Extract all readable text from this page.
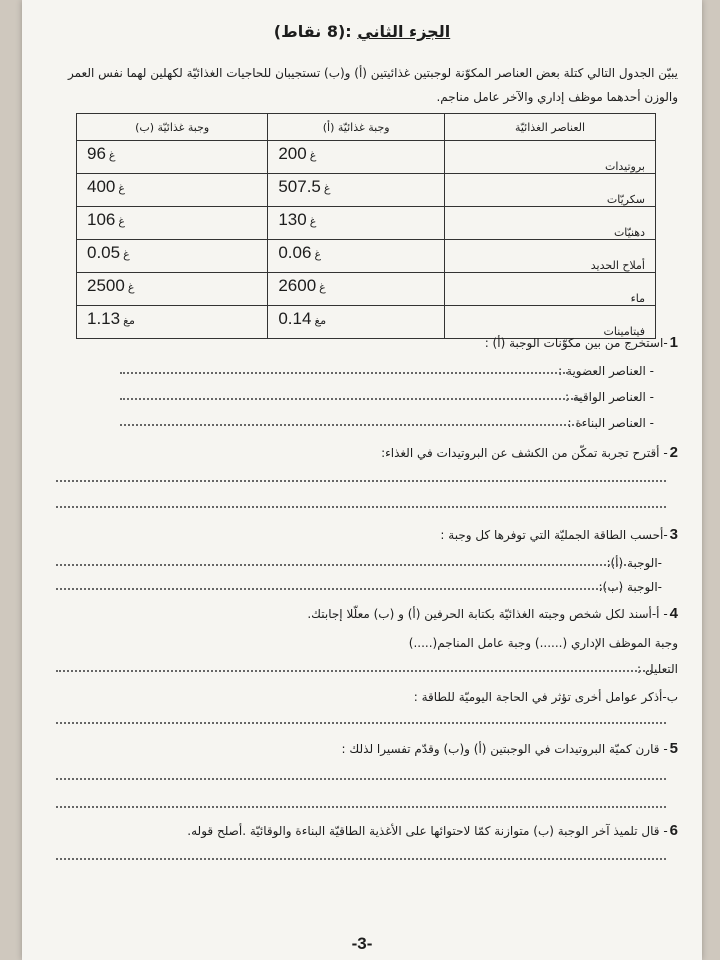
الجزء الثاني :(8 نقاط)
يبيّن الجدول التالي كتلة بعض العناصر المكوّنة لوجبتين غذائيتين (أ) و(ب) تستجيبان للحاجيات الغذائيّة لكهلين لهما نفس العمر
والوزن أحدهما موظف إداري والآخر عامل مناجم.
العناصر الغذائيّة	وجبة غذائيّة (أ)	وجبة غذائيّة (ب)
بروتيدات	غ200	غ96
سكريّات	غ507.5	غ400
دهنيّات	غ130	غ106
أملاح الحديد	غ0.06	غ0.05
ماء	غ2600	غ2500
فيتامينات	مغ0.14	مغ1.13
1-استخرج من بين مكوّنات الوجبة (أ) :
- العناصر العضوية :
- العناصر الواقية :
- العناصر البناءة :
2- أقترح تجربة تمكّن من الكشف عن البروتيدات في الغذاء:
3-أحسب الطاقة الجمليّة التي توفرها كل وجبة :
-الوجبة (أ):
-الوجبة (ب):
4- أ-أسند لكل شخص وجبته الغذائيّة بكتابة الحرفين (أ) و (ب) معلّلا إجابتك.
وجبة الموظف الإداري (......) وجبة عامل المناجم(.....)
التعليل :
ب-أذكر عوامل أخرى تؤثر في الحاجة اليوميّة للطاقة :
5- قارن كميّة البروتيدات في الوجبتين (أ) و(ب) وقدّم تفسيرا لذلك :
6- قال تلميذ آخر الوجبة (ب) متوازنة كمّا لاحتوائها على الأغذية الطاقيّة البناءة والوقائيّة .أصلح قوله.
-3-
